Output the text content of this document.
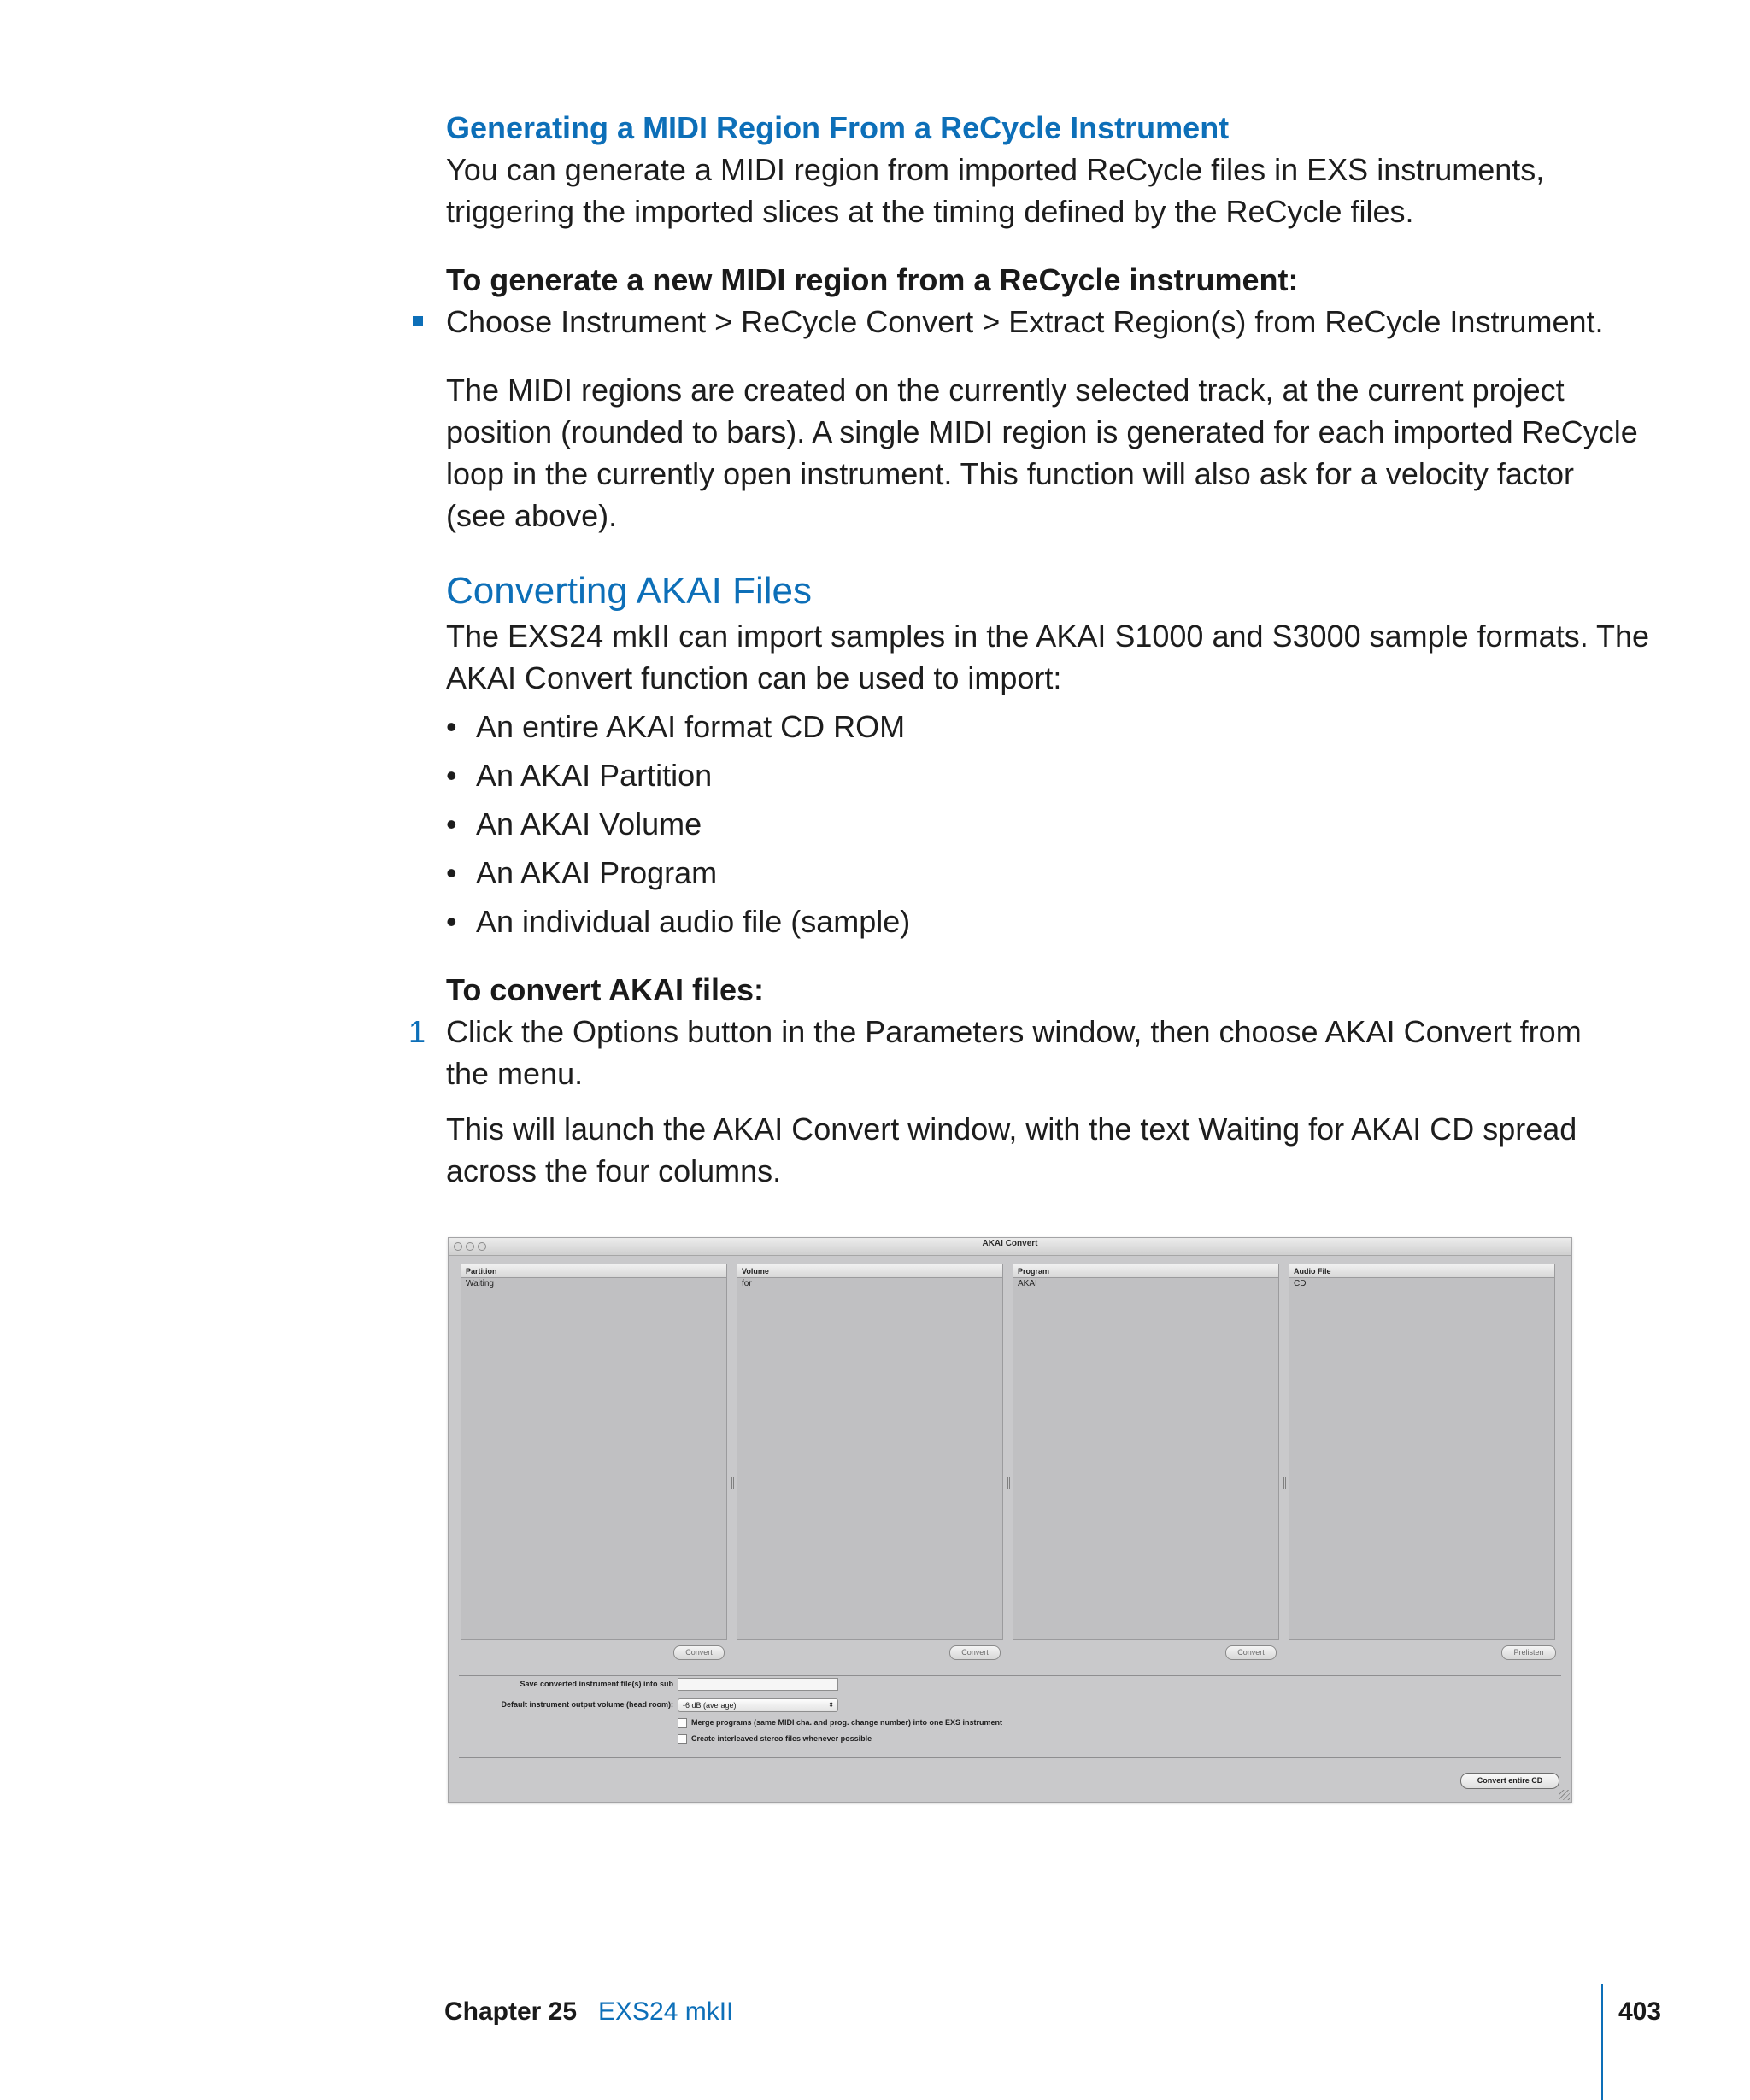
Generating a MIDI Region From a ReCycle Instrument
You can generate a MIDI region from imported ReCycle files in EXS instruments,
triggering the imported slices at the timing defined by the ReCycle files.
To generate a new MIDI region from a ReCycle instrument:
Choose Instrument > ReCycle Convert > Extract Region(s) from ReCycle Instrument.
The MIDI regions are created on the currently selected track, at the current project
position (rounded to bars). A single MIDI region is generated for each imported ReCycle
loop in the currently open instrument. This function will also ask for a velocity factor
(see above).
Converting AKAI Files
The EXS24 mkII can import samples in the AKAI S1000 and S3000 sample formats. The
AKAI Convert function can be used to import:
• An entire AKAI format CD ROM
• An AKAI Partition
• An AKAI Volume
• An AKAI Program
• An individual audio file (sample)
To convert AKAI files:
1 Click the Options button in the Parameters window, then choose AKAI Convert from
the menu.
This will launch the AKAI Convert window, with the text Waiting for AKAI CD spread
across the four columns.
AKAI Convert
Partition
Waiting
Convert
Volume
for
Convert
Program
AKAI
Convert
Audio File
CD
Prelisten
Save converted instrument file(s) into sub
Default instrument output volume (head room):	-6 dB (average)	⬍
Merge programs (same MIDI cha. and prog. change number) into one EXS instrument
Create interleaved stereo files whenever possible
Convert entire CD
Chapter 25 EXS24 mkII	403
